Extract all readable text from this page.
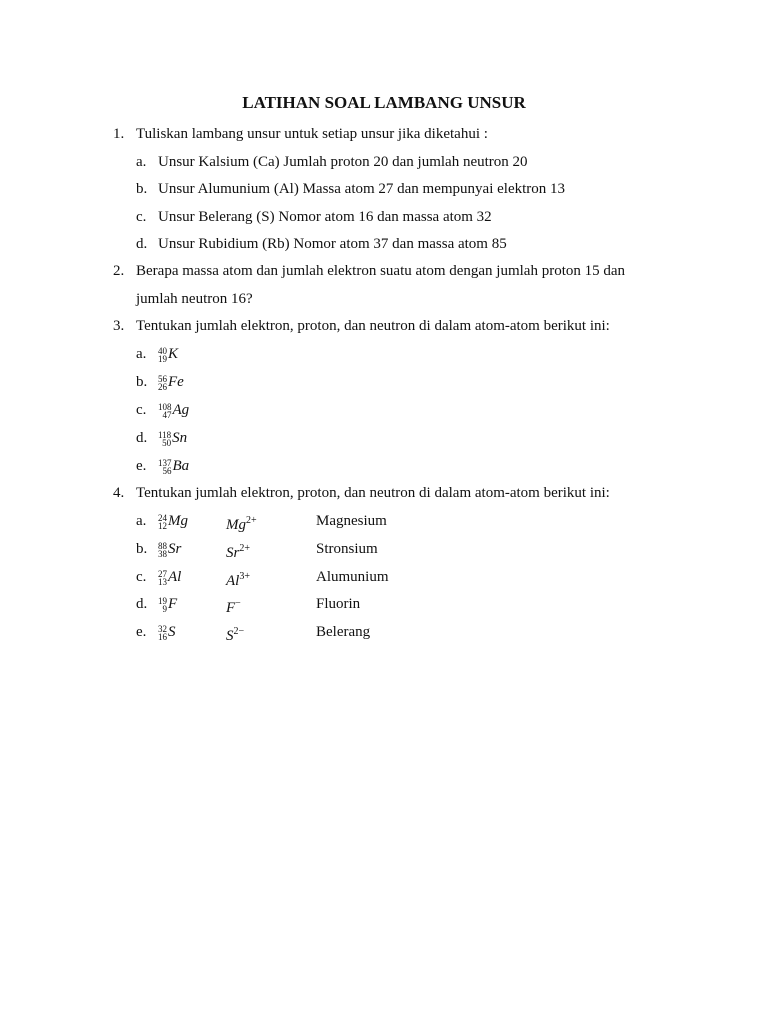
LATIHAN SOAL LAMBANG UNSUR
1. Tuliskan lambang unsur untuk setiap unsur jika diketahui :
a. Unsur Kalsium (Ca) Jumlah proton 20 dan jumlah neutron 20
b. Unsur Alumunium (Al) Massa atom 27 dan mempunyai elektron 13
c. Unsur Belerang (S) Nomor atom 16 dan massa atom 32
d. Unsur Rubidium (Rb) Nomor atom 37 dan massa atom 85
2. Berapa massa atom dan jumlah elektron suatu atom dengan jumlah proton 15 dan
jumlah neutron 16?
3. Tentukan jumlah elektron, proton, dan neutron di dalam atom-atom berikut ini:
a. 40
19 K
b. 56
26 Fe
c. 108
47 Ag
d. 118
50 Sn
e. 137
56 Ba
4. Tentukan jumlah elektron, proton, dan neutron di dalam atom-atom berikut ini:
a. 24
12 Mg	$Mg^{2+}$	Magnesium
b. 88
38 Sr	$Sr^{2+}$	Stronsium
c. 27
13 Al	$Al^{3+}$	Alumunium
d. 19
9 F	F−	Fluorin
e. 32
16 S	$S^{2-}$	Belerang
